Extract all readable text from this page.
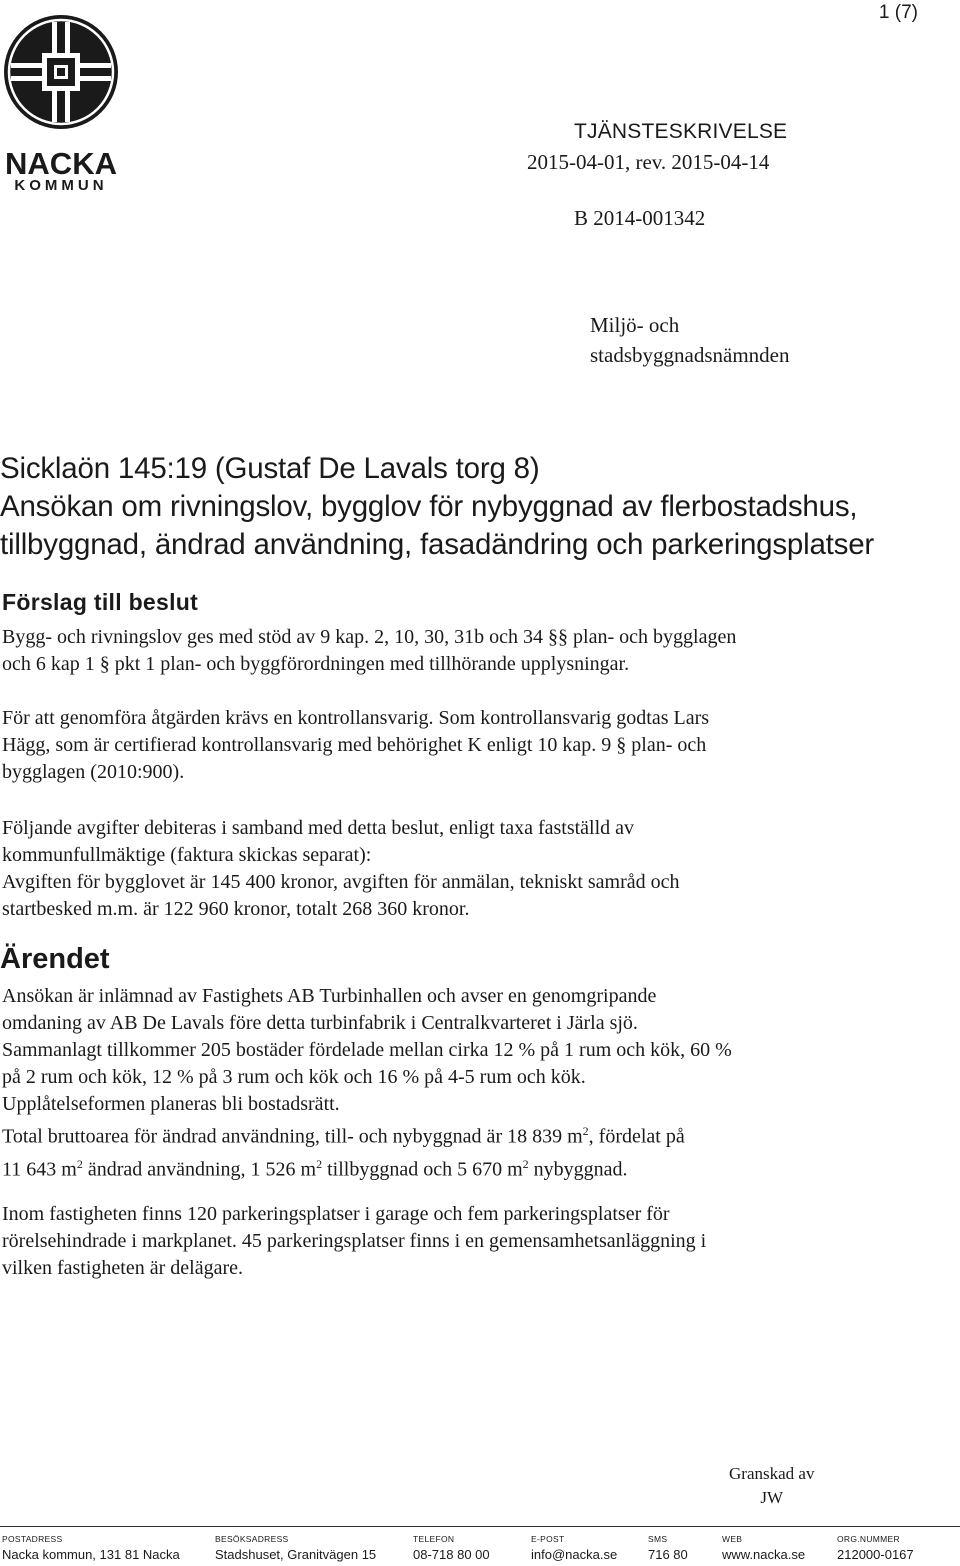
1 (7)
NACKA
KOMMUN
TJÄNSTESKRIVELSE
2015-04-01, rev. 2015-04-14
B 2014-001342
Miljö- och
stadsbyggnadsnämnden
Sicklaön 145:19 (Gustaf De Lavals torg 8)
Ansökan om rivningslov, bygglov för nybyggnad av flerbostadshus,
tillbyggnad, ändrad användning, fasadändring och parkeringsplatser
Förslag till beslut
Bygg- och rivningslov ges med stöd av 9 kap. 2, 10, 30, 31b och 34 §§ plan- och bygglagen
och 6 kap 1 § pkt 1 plan- och byggförordningen med tillhörande upplysningar.
För att genomföra åtgärden krävs en kontrollansvarig. Som kontrollansvarig godtas Lars
Hägg, som är certifierad kontrollansvarig med behörighet K enligt 10 kap. 9 § plan- och
bygglagen (2010:900).
Följande avgifter debiteras i samband med detta beslut, enligt taxa fastställd av
kommunfullmäktige (faktura skickas separat):
Avgiften för bygglovet är 145 400 kronor, avgiften för anmälan, tekniskt samråd och
startbesked m.m. är 122 960 kronor, totalt 268 360 kronor.
Ärendet
Ansökan är inlämnad av Fastighets AB Turbinhallen och avser en genomgripande
omdaning av AB De Lavals före detta turbinfabrik i Centralkvarteret i Järla sjö.
Sammanlagt tillkommer 205 bostäder fördelade mellan cirka 12 % på 1 rum och kök, 60 %
på 2 rum och kök, 12 % på 3 rum och kök och 16 % på 4-5 rum och kök.
Upplåtelseformen planeras bli bostadsrätt.
Total bruttoarea för ändrad användning, till- och nybyggnad är 18 839 $m^2$, fördelat på
11 643 $m^2$ ändrad användning, 1 526 $m^2$ tillbyggnad och 5 670 $m^2$ nybyggnad.
Inom fastigheten finns 120 parkeringsplatser i garage och fem parkeringsplatser för
rörelsehindrade i markplanet. 45 parkeringsplatser finns i en gemensamhetsanläggning i
vilken fastigheten är delägare.
Granskad av
JW
POSTADRESS
Nacka kommun, 131 81 Nacka
BESÖKSADRESS
Stadshuset, Granitvägen 15
TELEFON
08-718 80 00
E-POST
info@nacka.se
SMS
716 80
WEB
www.nacka.se
ORG.NUMMER
212000-0167
